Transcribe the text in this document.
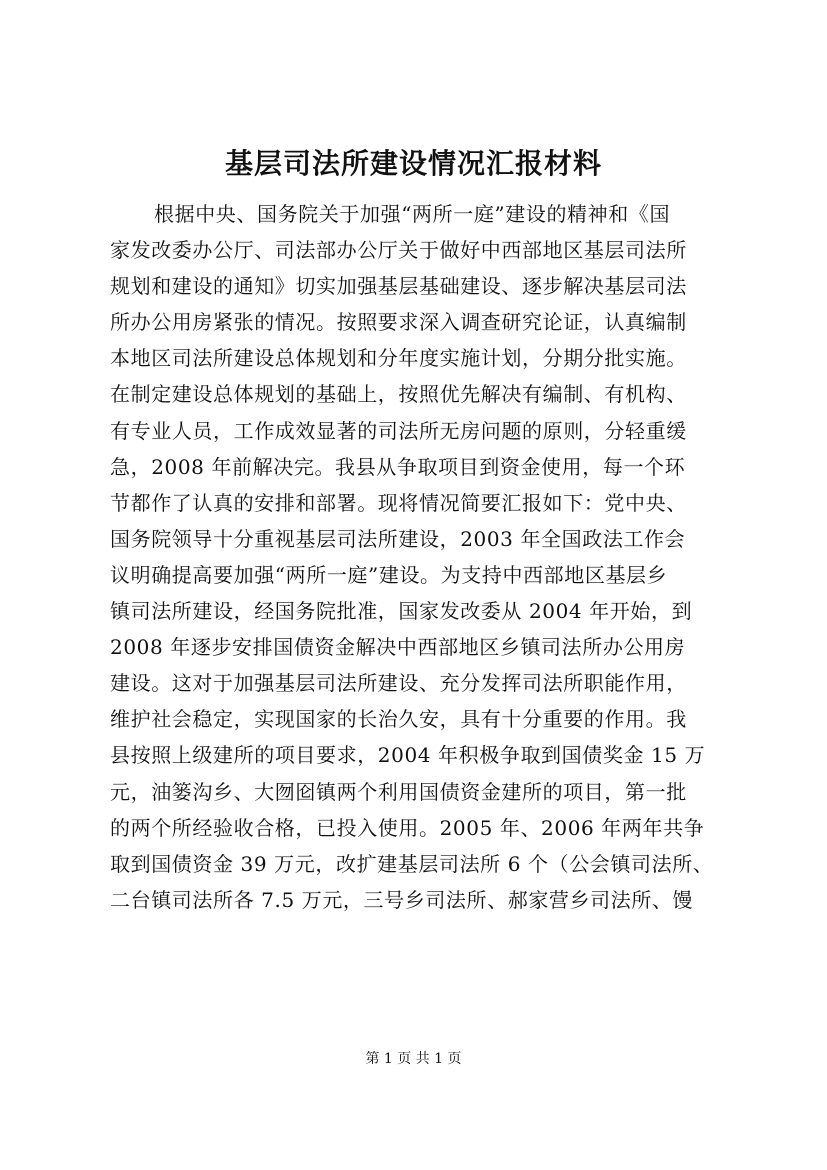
基层司法所建设情况汇报材料
根据中央、国务院关于加强“两所一庭”建设的精神和《国
家发改委办公厅、司法部办公厅关于做好中西部地区基层司法所
规划和建设的通知》切实加强基层基础建设、逐步解决基层司法
所办公用房紧张的情况。按照要求深入调查研究论证，认真编制
本地区司法所建设总体规划和分年度实施计划，分期分批实施。
在制定建设总体规划的基础上，按照优先解决有编制、有机构、
有专业人员，工作成效显著的司法所无房问题的原则，分轻重缓
急，2008 年前解决完。我县从争取项目到资金使用，每一个环
节都作了认真的安排和部署。现将情况简要汇报如下：党中央、
国务院领导十分重视基层司法所建设，2003 年全国政法工作会
议明确提高要加强“两所一庭”建设。为支持中西部地区基层乡
镇司法所建设，经国务院批准，国家发改委从 2004 年开始，到
2008 年逐步安排国债资金解决中西部地区乡镇司法所办公用房
建设。这对于加强基层司法所建设、充分发挥司法所职能作用，
维护社会稳定，实现国家的长治久安，具有十分重要的作用。我
县按照上级建所的项目要求，2004 年积极争取到国债奖金 15 万
元，油篓沟乡、大囫囵镇两个利用国债资金建所的项目，第一批
的两个所经验收合格，已投入使用。2005 年、2006 年两年共争
取到国债资金 39 万元，改扩建基层司法所 6 个（公会镇司法所、
二台镇司法所各 7.5 万元，三号乡司法所、郝家营乡司法所、馒
第 1 页 共 1 页
